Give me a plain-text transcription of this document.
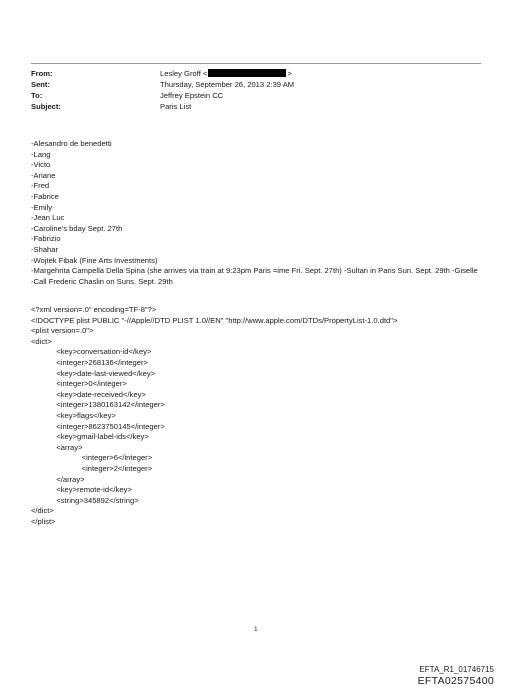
From:	Lesley Groff <	>
Sent:	Thursday, September 26, 2013 2:39 AM
To:	Jeffrey Epstein CC
Subject:	Paris List
-Alesandro de benedetti
-Lang
-Victo
-Ariane
-Fred
-Fabrice
-Emily
-Jean Luc
-Caroline's bday Sept. 27th
-Fabrizio
-Shahar
-Wojtek Fibak (Fine Arts Investments)
-Margehrita Campella Della Spina (she arrives via train at 9:23pm Paris =ime Fri. Sept. 27th) -Sultan in Paris Sun. Sept. 29th -Giselle -Call Frederic Chaslin on Suns. Sept. 29th
<?xml version=.0" encoding=TF-8"?>
<!DOCTYPE plist PUBLIC "-//Apple//DTD PLIST 1.0//EN" "http://www.apple.com/DTDs/PropertyList-1.0.dtd">
<plist version=.0">
<dict>
<key>conversation-id</key>
<integer>268136</integer>
<key>date-last-viewed</key>
<integer>0</integer>
<key>date-received</key>
<integer>1380163142</integer>
<key>flags</key>
<integer>8623750145</integer>
<key>gmail-label-ids</key>
<array>
<integer>6</integer>
<integer>2</integer>
</array>
<key>remote-id</key>
<string>345892</string>
</dict>
</plist>
1
EFTA_R1_01746715
EFTA02575400
